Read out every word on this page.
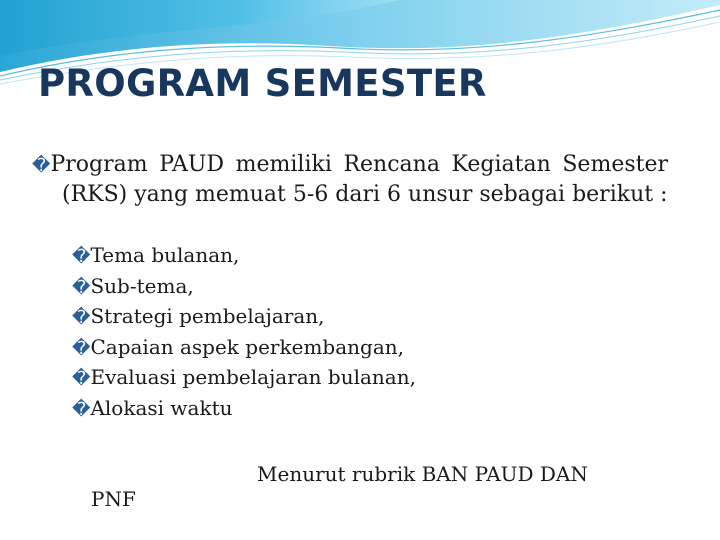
PROGRAM SEMESTER
�Program PAUD memiliki Rencana Kegiatan Semester (RKS) yang memuat 5-6 dari 6 unsur sebagai berikut :
�Tema bulanan,
�Sub-tema,
�Strategi pembelajaran,
�Capaian aspek perkembangan,
�Evaluasi pembelajaran bulanan,
�Alokasi waktu
Menurut rubrik BAN PAUD DAN
PNF
